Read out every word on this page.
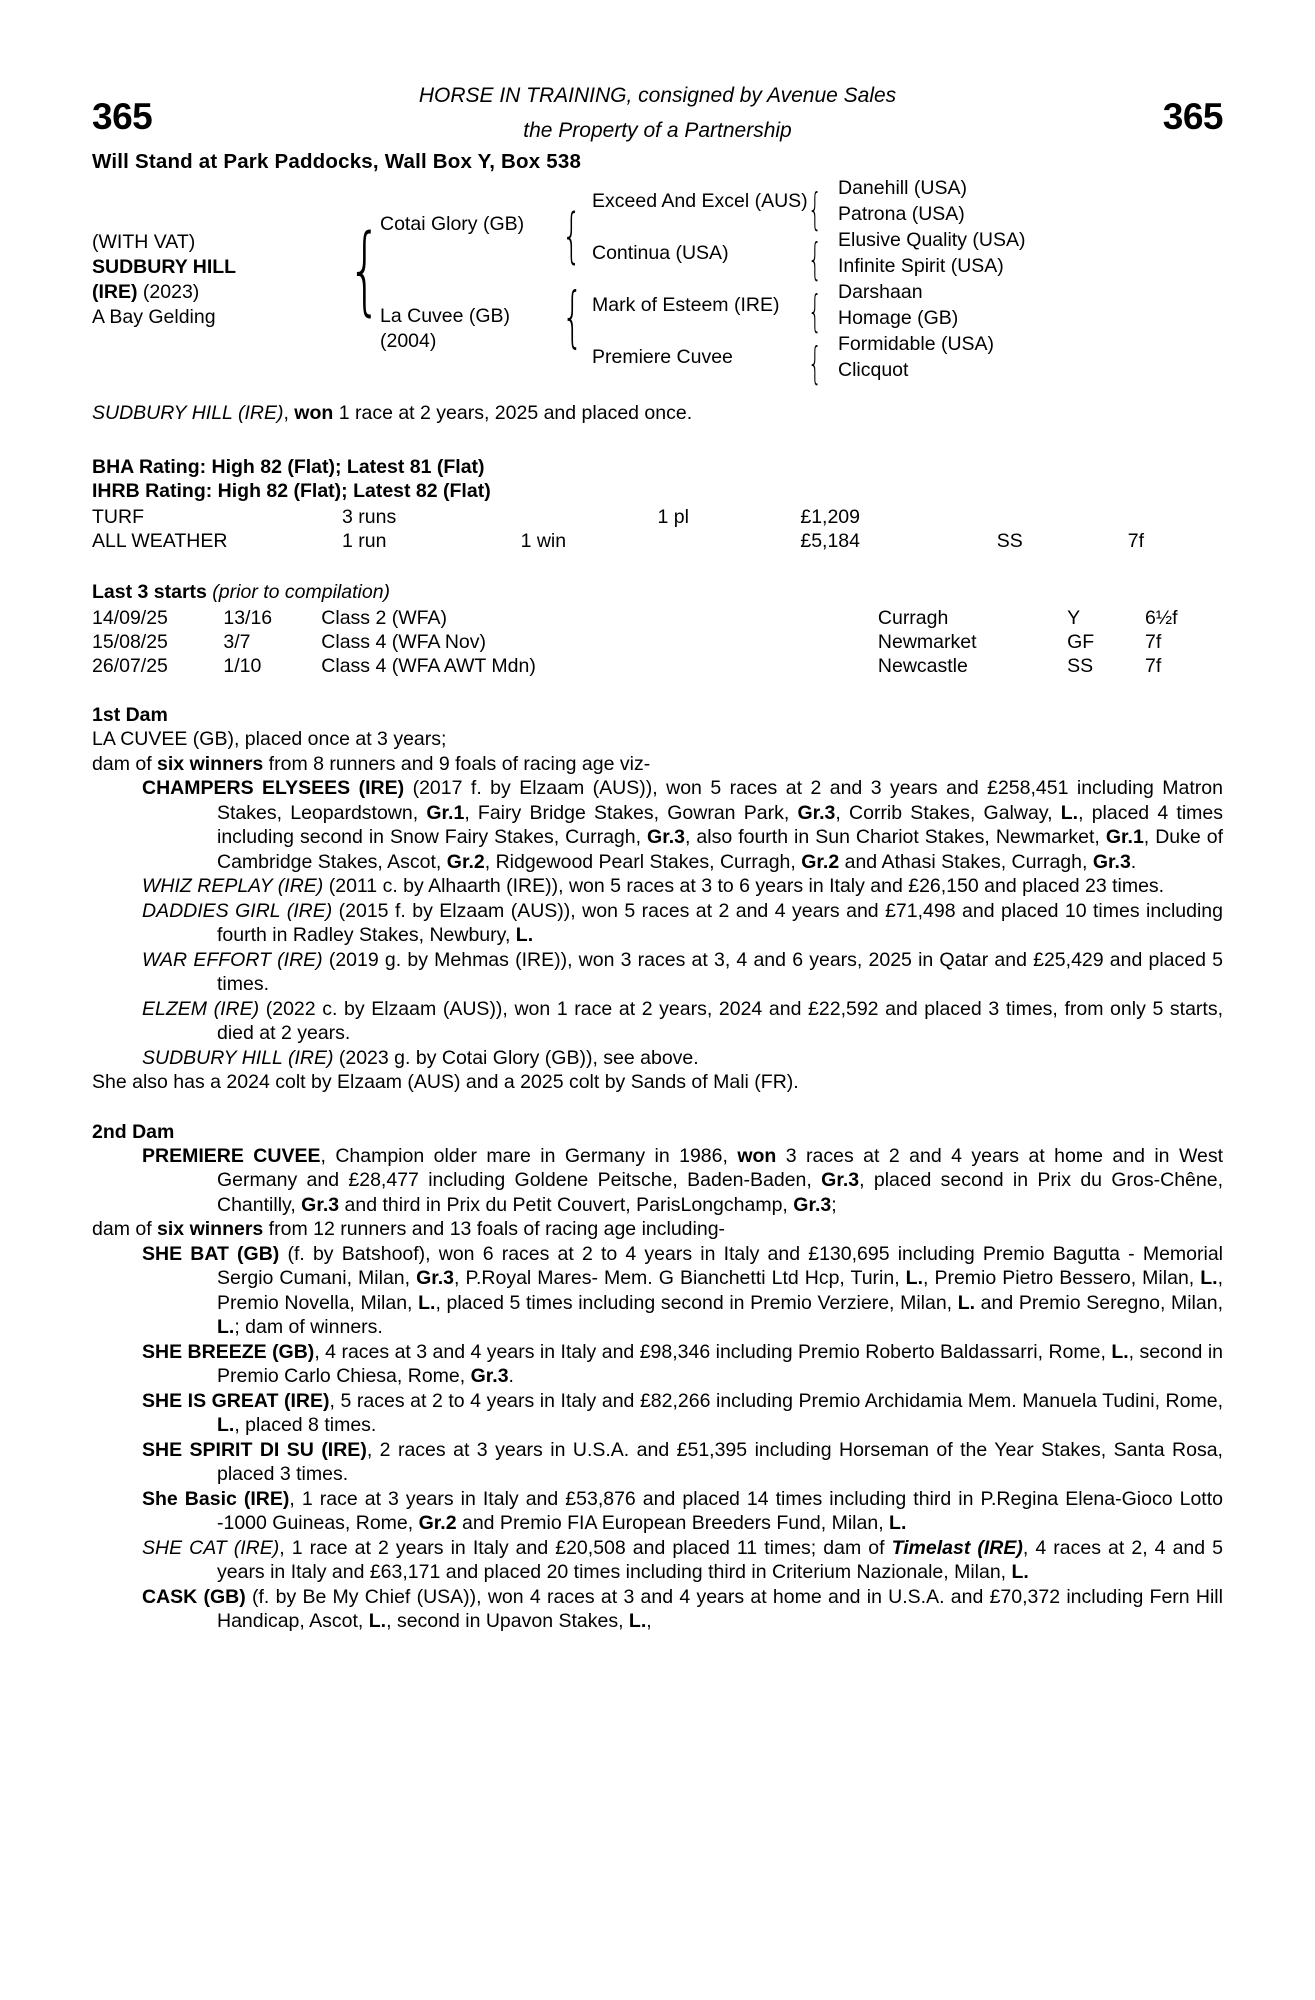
365	365
HORSE IN TRAINING, consigned by Avenue Sales
the Property of a Partnership
Will Stand at Park Paddocks, Wall Box Y, Box 538
(WITH VAT)
SUDBURY HILL
(IRE) (2023)
A Bay Gelding	{	{
{
{
{
{
{
Cotai Glory (GB)
La Cuvee (GB)
(2004)
Exceed And Excel (AUS)
Continua (USA)
Mark of Esteem (IRE)
Premiere Cuvee
Danehill (USA)
Patrona (USA)
Elusive Quality (USA)
Infinite Spirit (USA)
Darshaan
Homage (GB)
Formidable (USA)
Clicquot
SUDBURY HILL (IRE), won 1 race at 2 years, 2025 and placed once.
BHA Rating: High 82 (Flat); Latest 81 (Flat)
IHRB Rating: High 82 (Flat); Latest 82 (Flat)
TURF	3 runs		1 pl	£1,209		
ALL WEATHER	1 run	1 win		£5,184	SS	7f
Last 3 starts (prior to compilation)
14/09/25	13/16	Class 2 (WFA)	Curragh	Y	6½f
15/08/25	3/7	Class 4 (WFA Nov)	Newmarket	GF	7f
26/07/25	1/10	Class 4 (WFA AWT Mdn)	Newcastle	SS	7f
1st Dam
LA CUVEE (GB), placed once at 3 years;
dam of six winners from 8 runners and 9 foals of racing age viz-
CHAMPERS ELYSEES (IRE) (2017 f. by Elzaam (AUS)), won 5 races at 2 and 3 years and £258,451 including Matron Stakes, Leopardstown, Gr.1, Fairy Bridge Stakes, Gowran Park, Gr.3, Corrib Stakes, Galway, L., placed 4 times including second in Snow Fairy Stakes, Curragh, Gr.3, also fourth in Sun Chariot Stakes, Newmarket, Gr.1, Duke of Cambridge Stakes, Ascot, Gr.2, Ridgewood Pearl Stakes, Curragh, Gr.2 and Athasi Stakes, Curragh, Gr.3.
WHIZ REPLAY (IRE) (2011 c. by Alhaarth (IRE)), won 5 races at 3 to 6 years in Italy and £26,150 and placed 23 times.
DADDIES GIRL (IRE) (2015 f. by Elzaam (AUS)), won 5 races at 2 and 4 years and £71,498 and placed 10 times including fourth in Radley Stakes, Newbury, L.
WAR EFFORT (IRE) (2019 g. by Mehmas (IRE)), won 3 races at 3, 4 and 6 years, 2025 in Qatar and £25,429 and placed 5 times.
ELZEM (IRE) (2022 c. by Elzaam (AUS)), won 1 race at 2 years, 2024 and £22,592 and placed 3 times, from only 5 starts, died at 2 years.
SUDBURY HILL (IRE) (2023 g. by Cotai Glory (GB)), see above.
She also has a 2024 colt by Elzaam (AUS) and a 2025 colt by Sands of Mali (FR).
2nd Dam
PREMIERE CUVEE, Champion older mare in Germany in 1986, won 3 races at 2 and 4 years at home and in West Germany and £28,477 including Goldene Peitsche, Baden-Baden, Gr.3, placed second in Prix du Gros-Chêne, Chantilly, Gr.3 and third in Prix du Petit Couvert, ParisLongchamp, Gr.3;
dam of six winners from 12 runners and 13 foals of racing age including-
SHE BAT (GB) (f. by Batshoof), won 6 races at 2 to 4 years in Italy and £130,695 including Premio Bagutta - Memorial Sergio Cumani, Milan, Gr.3, P.Royal Mares- Mem. G Bianchetti Ltd Hcp, Turin, L., Premio Pietro Bessero, Milan, L., Premio Novella, Milan, L., placed 5 times including second in Premio Verziere, Milan, L. and Premio Seregno, Milan, L.; dam of winners.
SHE BREEZE (GB), 4 races at 3 and 4 years in Italy and £98,346 including Premio Roberto Baldassarri, Rome, L., second in Premio Carlo Chiesa, Rome, Gr.3.
SHE IS GREAT (IRE), 5 races at 2 to 4 years in Italy and £82,266 including Premio Archidamia Mem. Manuela Tudini, Rome, L., placed 8 times.
SHE SPIRIT DI SU (IRE), 2 races at 3 years in U.S.A. and £51,395 including Horseman of the Year Stakes, Santa Rosa, placed 3 times.
She Basic (IRE), 1 race at 3 years in Italy and £53,876 and placed 14 times including third in P.Regina Elena-Gioco Lotto -1000 Guineas, Rome, Gr.2 and Premio FIA European Breeders Fund, Milan, L.
SHE CAT (IRE), 1 race at 2 years in Italy and £20,508 and placed 11 times; dam of Timelast (IRE), 4 races at 2, 4 and 5 years in Italy and £63,171 and placed 20 times including third in Criterium Nazionale, Milan, L.
CASK (GB) (f. by Be My Chief (USA)), won 4 races at 3 and 4 years at home and in U.S.A. and £70,372 including Fern Hill Handicap, Ascot, L., second in Upavon Stakes, L.,
